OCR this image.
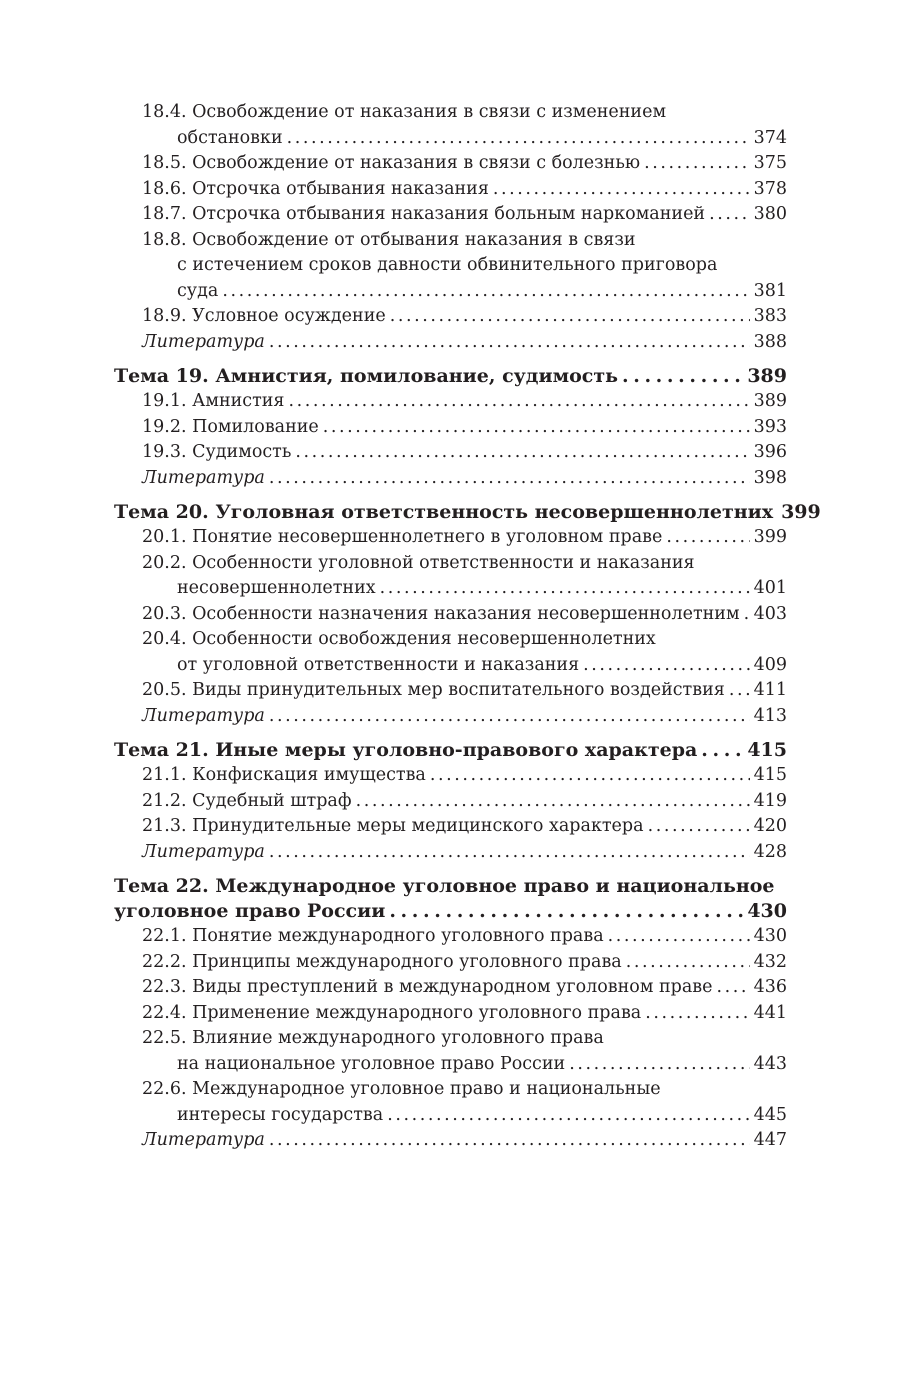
18.4. Освобождение от наказания в связи с изменением
обстановки . . .	374
18.5. Освобождение от наказания в связи с болезнью . . .	375
18.6. Отсрочка отбывания наказания . . .	378
18.7. Отсрочка отбывания наказания больным наркоманией . . .	380
18.8. Освобождение от отбывания наказания в связи
с истечением сроков давности обвинительного приговора
суда . . .	381
18.9. Условное осуждение . . .	383
Литература . . .	388
Тема 19. Амнистия, помилование, судимость . . .	389
19.1. Амнистия . . .	389
19.2. Помилование . . .	393
19.3. Судимость . . .	396
Литература . . .	398
Тема 20. Уголовная ответственность несовершеннолетних 399
20.1. Понятие несовершеннолетнего в уголовном праве . . .	399
20.2. Особенности уголовной ответственности и наказания
несовершеннолетних . . .	401
20.3. Особенности назначения наказания несовершеннолетним . . . 403
20.4. Особенности освобождения несовершеннолетних
от уголовной ответственности и наказания . . .	409
20.5. Виды принудительных мер воспитательного воздействия . . . 411
Литература . . .	413
Тема 21. Иные меры уголовно-правового характера . . .	415
21.1. Конфискация имущества . . .	415
21.2. Судебный штраф . . .	419
21.3. Принудительные меры медицинского характера . . .	420
Литература . . .	428
Тема 22. Международное уголовное право и национальное
уголовное право России . . .	430
22.1. Понятие международного уголовного права . . .	430
22.2. Принципы международного уголовного права . . .	432
22.3. Виды преступлений в международном уголовном праве . . . 436
22.4. Применение международного уголовного права . . .	441
22.5. Влияние международного уголовного права
на национальное уголовное право России . . .	443
22.6. Международное уголовное право и национальные
интересы государства . . .	445
Литература . . .	447
